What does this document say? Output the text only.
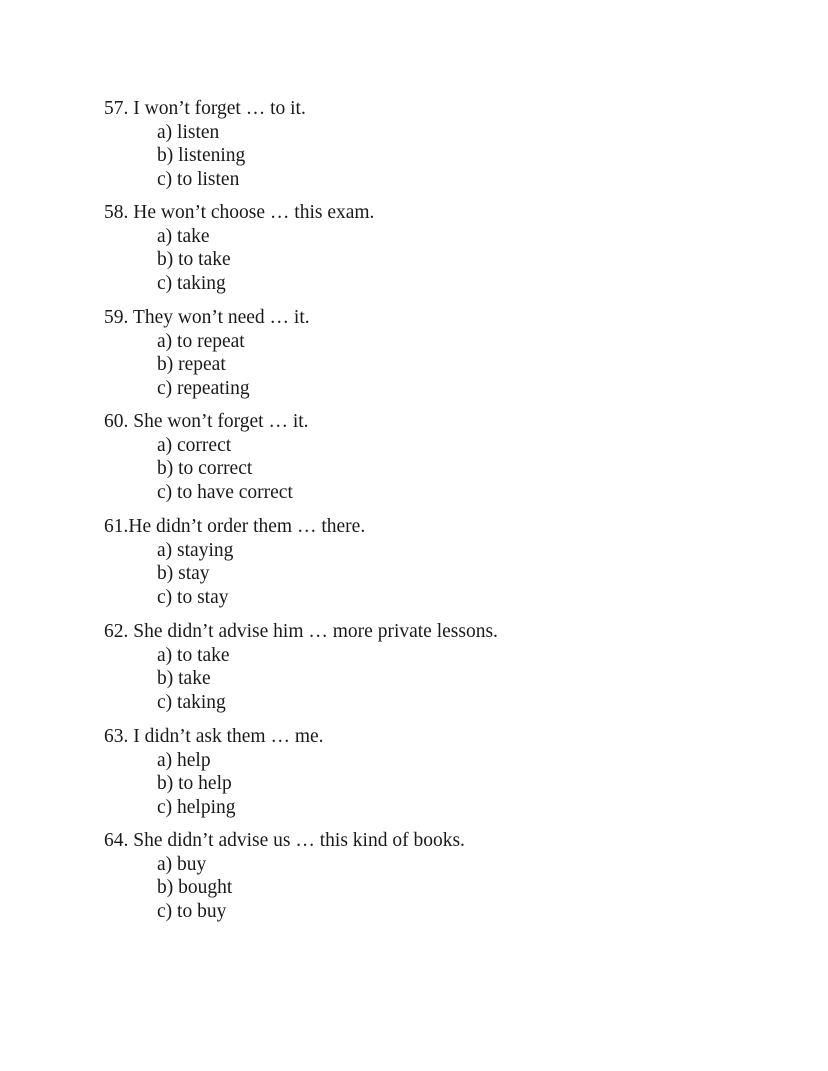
57. I won’t forget … to it.
a) listen
b) listening
c) to listen
58. He won’t choose … this exam.
a) take
b) to take
c) taking
59. They won’t need … it.
a) to repeat
b) repeat
c) repeating
60. She won’t forget … it.
a) correct
b) to correct
c) to have correct
61.He didn’t order them … there.
a) staying
b) stay
c) to stay
62. She didn’t advise him … more private lessons.
a) to take
b) take
c) taking
63. I didn’t ask them … me.
a) help
b) to help
c) helping
64. She didn’t advise us … this kind of books.
a) buy
b) bought
c) to buy
